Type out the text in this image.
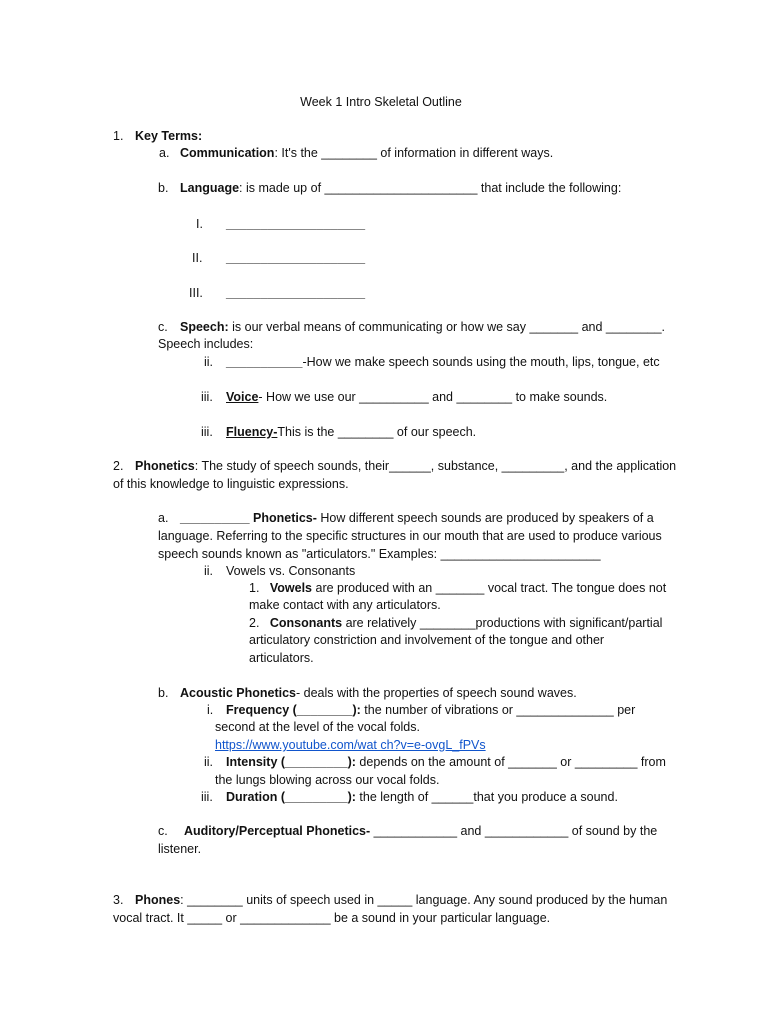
Week 1 Intro Skeletal Outline
1. Key Terms:
a. Communication: It's the ________ of information in different ways.
b. Language: is made up of ______________________ that include the following:
I. ____________________
II. ____________________
III. ____________________
c. Speech: is our verbal means of communicating or how we say _______ and ________.
Speech includes:
ii. ___________-How we make speech sounds using the mouth, lips, tongue, etc
iii. Voice- How we use our __________ and ________ to make sounds.
iii. Fluency-This is the ________ of our speech.
2. Phonetics: The study of speech sounds, their______, substance, _________, and the application
of this knowledge to linguistic expressions.
a. __________ Phonetics- How different speech sounds are produced by speakers of a
language. Referring to the specific structures in our mouth that are used to produce various
speech sounds known as "articulators." Examples: _______________________
ii. Vowels vs. Consonants
1. Vowels are produced with an _______ vocal tract. The tongue does not
make contact with any articulators.
2. Consonants are relatively ________productions with significant/partial
articulatory constriction and involvement of the tongue and other
articulators.
b. Acoustic Phonetics- deals with the properties of speech sound waves.
i. Frequency (________): the number of vibrations or ______________ per
second at the level of the vocal folds.
https://www.youtube.com/wat ch?v=e-ovgL_fPVs
ii. Intensity (_________): depends on the amount of _______ or _________ from
the lungs blowing across our vocal folds.
iii. Duration (_________): the length of ______that you produce a sound.
c. Auditory/Perceptual Phonetics- ____________ and ____________ of sound by the
listener.
3. Phones: ________ units of speech used in _____ language. Any sound produced by the human
vocal tract. It _____ or _____________ be a sound in your particular language.
